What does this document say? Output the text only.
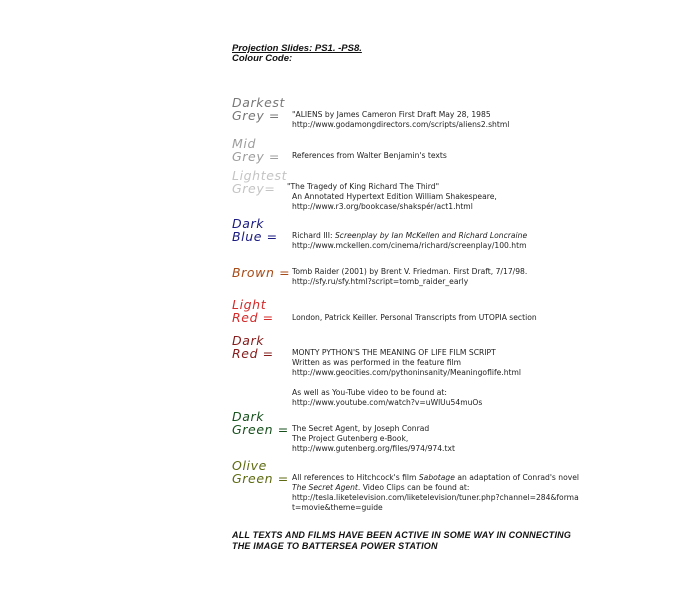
Projection Slides: PS1. -PS8.
Colour Code:
Darkest
Grey =	"ALIENS by James Cameron First Draft May 28, 1985
http://www.godamongdirectors.com/scripts/aliens2.shtml
Mid
Grey = References from Walter Benjamin's texts
Lightest
Grey=	"The Tragedy of King Richard The Third"
An Annotated Hypertext Edition William Shakespeare,
http://www.r3.org/bookcase/shakspér/act1.html
Dark
Blue = Richard III: Screenplay by Ian McKellen and Richard Loncraine
http://www.mckellen.com/cinema/richard/screenplay/100.htm
Brown = Tomb Raider (2001) by Brent V. Friedman. First Draft, 7/17/98.
http://sfy.ru/sfy.html?script=tomb_raider_early
Light
Red = London, Patrick Keiller. Personal Transcripts from UTOPIA section
Dark
Red = MONTY PYTHON'S THE MEANING OF LIFE FILM SCRIPT
Written as was performed in the feature film
http://www.geocities.com/pythoninsanity/Meaningoflife.html
As well as You-Tube video to be found at:
http://www.youtube.com/watch?v=uWlUu54muOs
Dark
Green = The Secret Agent, by Joseph Conrad
The Project Gutenberg e-Book,
http://www.gutenberg.org/files/974/974.txt
Olive
Green = All references to Hitchcock's film Sabotage an adaptation of Conrad's novel
The Secret Agent. Video Clips can be found at:
http://tesla.liketelevision.com/liketelevision/tuner.php?channel=284&forma
t=movie&theme=guide
ALL TEXTS AND FILMS HAVE BEEN ACTIVE IN SOME WAY IN CONNECTING
THE IMAGE TO BATTERSEA POWER STATION
